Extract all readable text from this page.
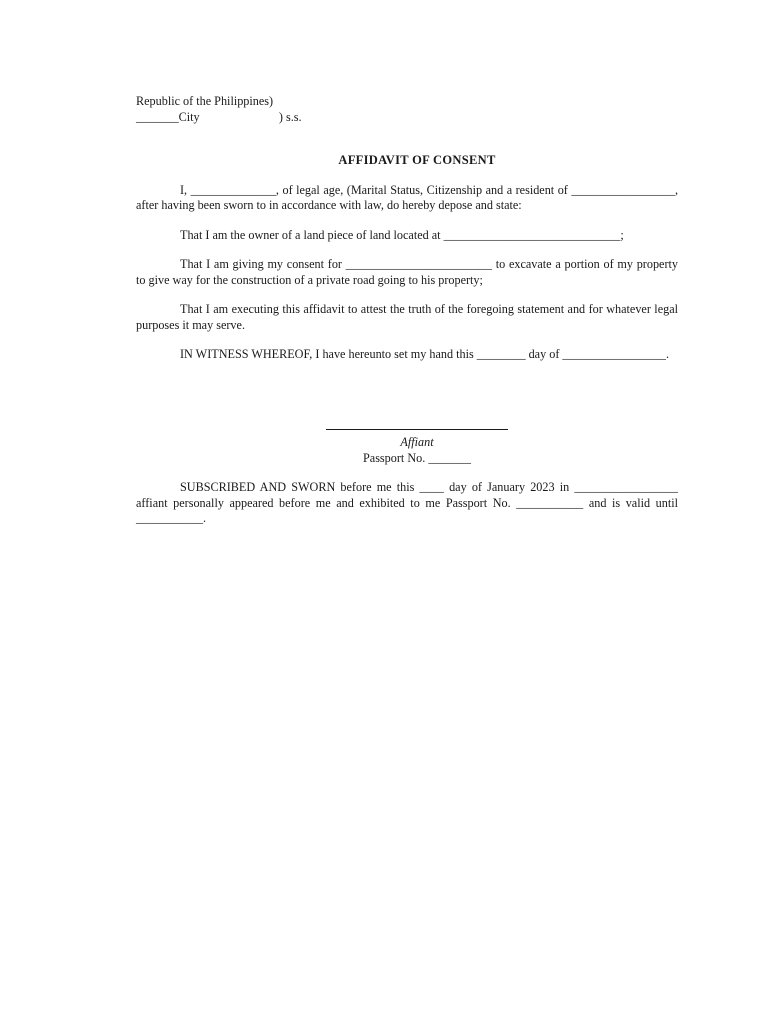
Republic of the Philippines)
_______City                          ) s.s.
AFFIDAVIT OF CONSENT

I, ______________, of legal age, (Marital Status, Citizenship and a resident of _________________, after having been sworn to in accordance with law, do hereby depose and state:

That I am the owner of a land piece of land located at _____________________________;

That I am giving my consent for ________________________ to excavate a portion of my property to give way for the construction of a private road going to his property;

That I am executing this affidavit to attest the truth of the foregoing statement and for whatever legal purposes it may serve.

IN WITNESS WHEREOF, I have hereunto set my hand this ________ day of _________________.

Affiant
Passport No. _______

SUBSCRIBED AND SWORN before me this ____ day of January 2023 in _________________ affiant personally appeared before me and exhibited to me Passport No. ___________ and is valid until ___________.
